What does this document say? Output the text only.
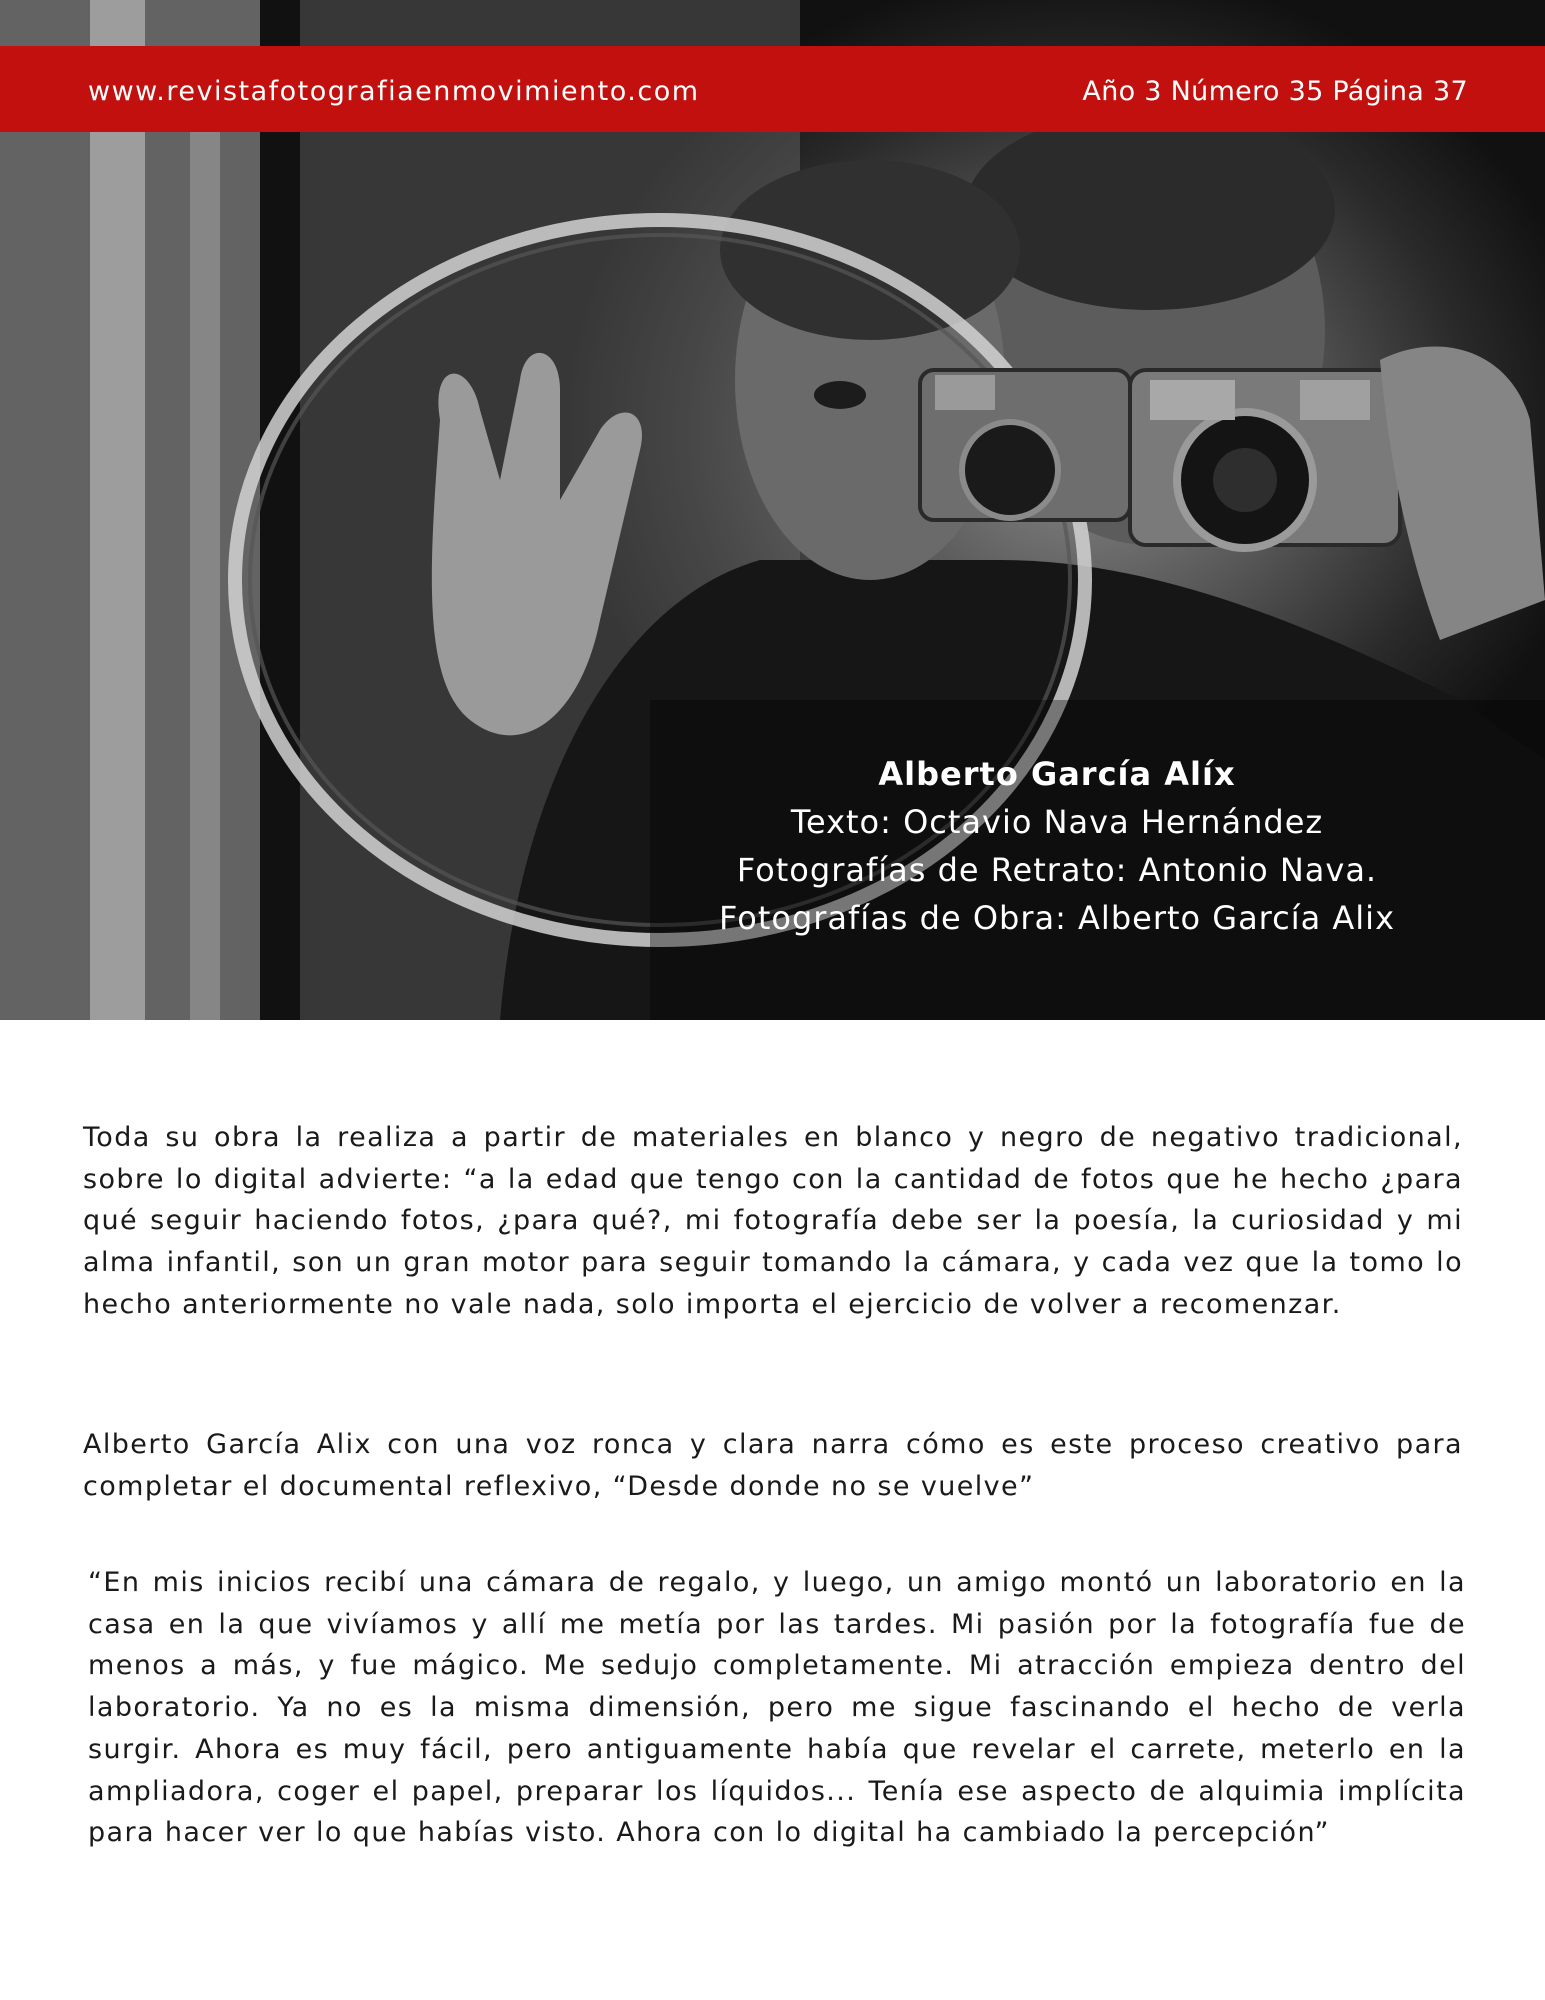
Alberto García Alíx
Texto: Octavio Nava Hernández
Fotografías de Retrato: Antonio Nava.
Fotografías de Obra: Alberto García Alix
www.revistafotografiaenmovimiento.com	Año 3 Número 35 Página 37

Toda su obra la realiza a partir de materiales en blanco y negro de negativo tradicional, sobre lo digital advierte: “a la edad que tengo con la cantidad de fotos que he hecho ¿para qué seguir haciendo fotos, ¿para qué?, mi fotografía debe ser la poesía, la curiosidad y mi alma infantil, son un gran motor para seguir tomando la cámara, y cada vez que la tomo lo hecho anteriormente no vale nada, solo importa el ejercicio de volver a recomenzar.

Alberto García Alix con una voz ronca y clara narra cómo es este proceso creativo para completar el documental reflexivo, “Desde donde no se vuelve”

“En mis inicios recibí una cámara de regalo, y luego, un amigo montó un laboratorio en la casa en la que vivíamos y allí me metía por las tardes. Mi pasión por la fotografía fue de menos a más, y fue mágico. Me sedujo completamente. Mi atracción empieza dentro del laboratorio. Ya no es la misma dimensión, pero me sigue fascinando el hecho de verla surgir. Ahora es muy fácil, pero antiguamente había que revelar el carrete, meterlo en la ampliadora, coger el papel, preparar los líquidos... Tenía ese aspecto de alquimia implícita para hacer ver lo que habías visto. Ahora con lo digital ha cambiado la percepción”
